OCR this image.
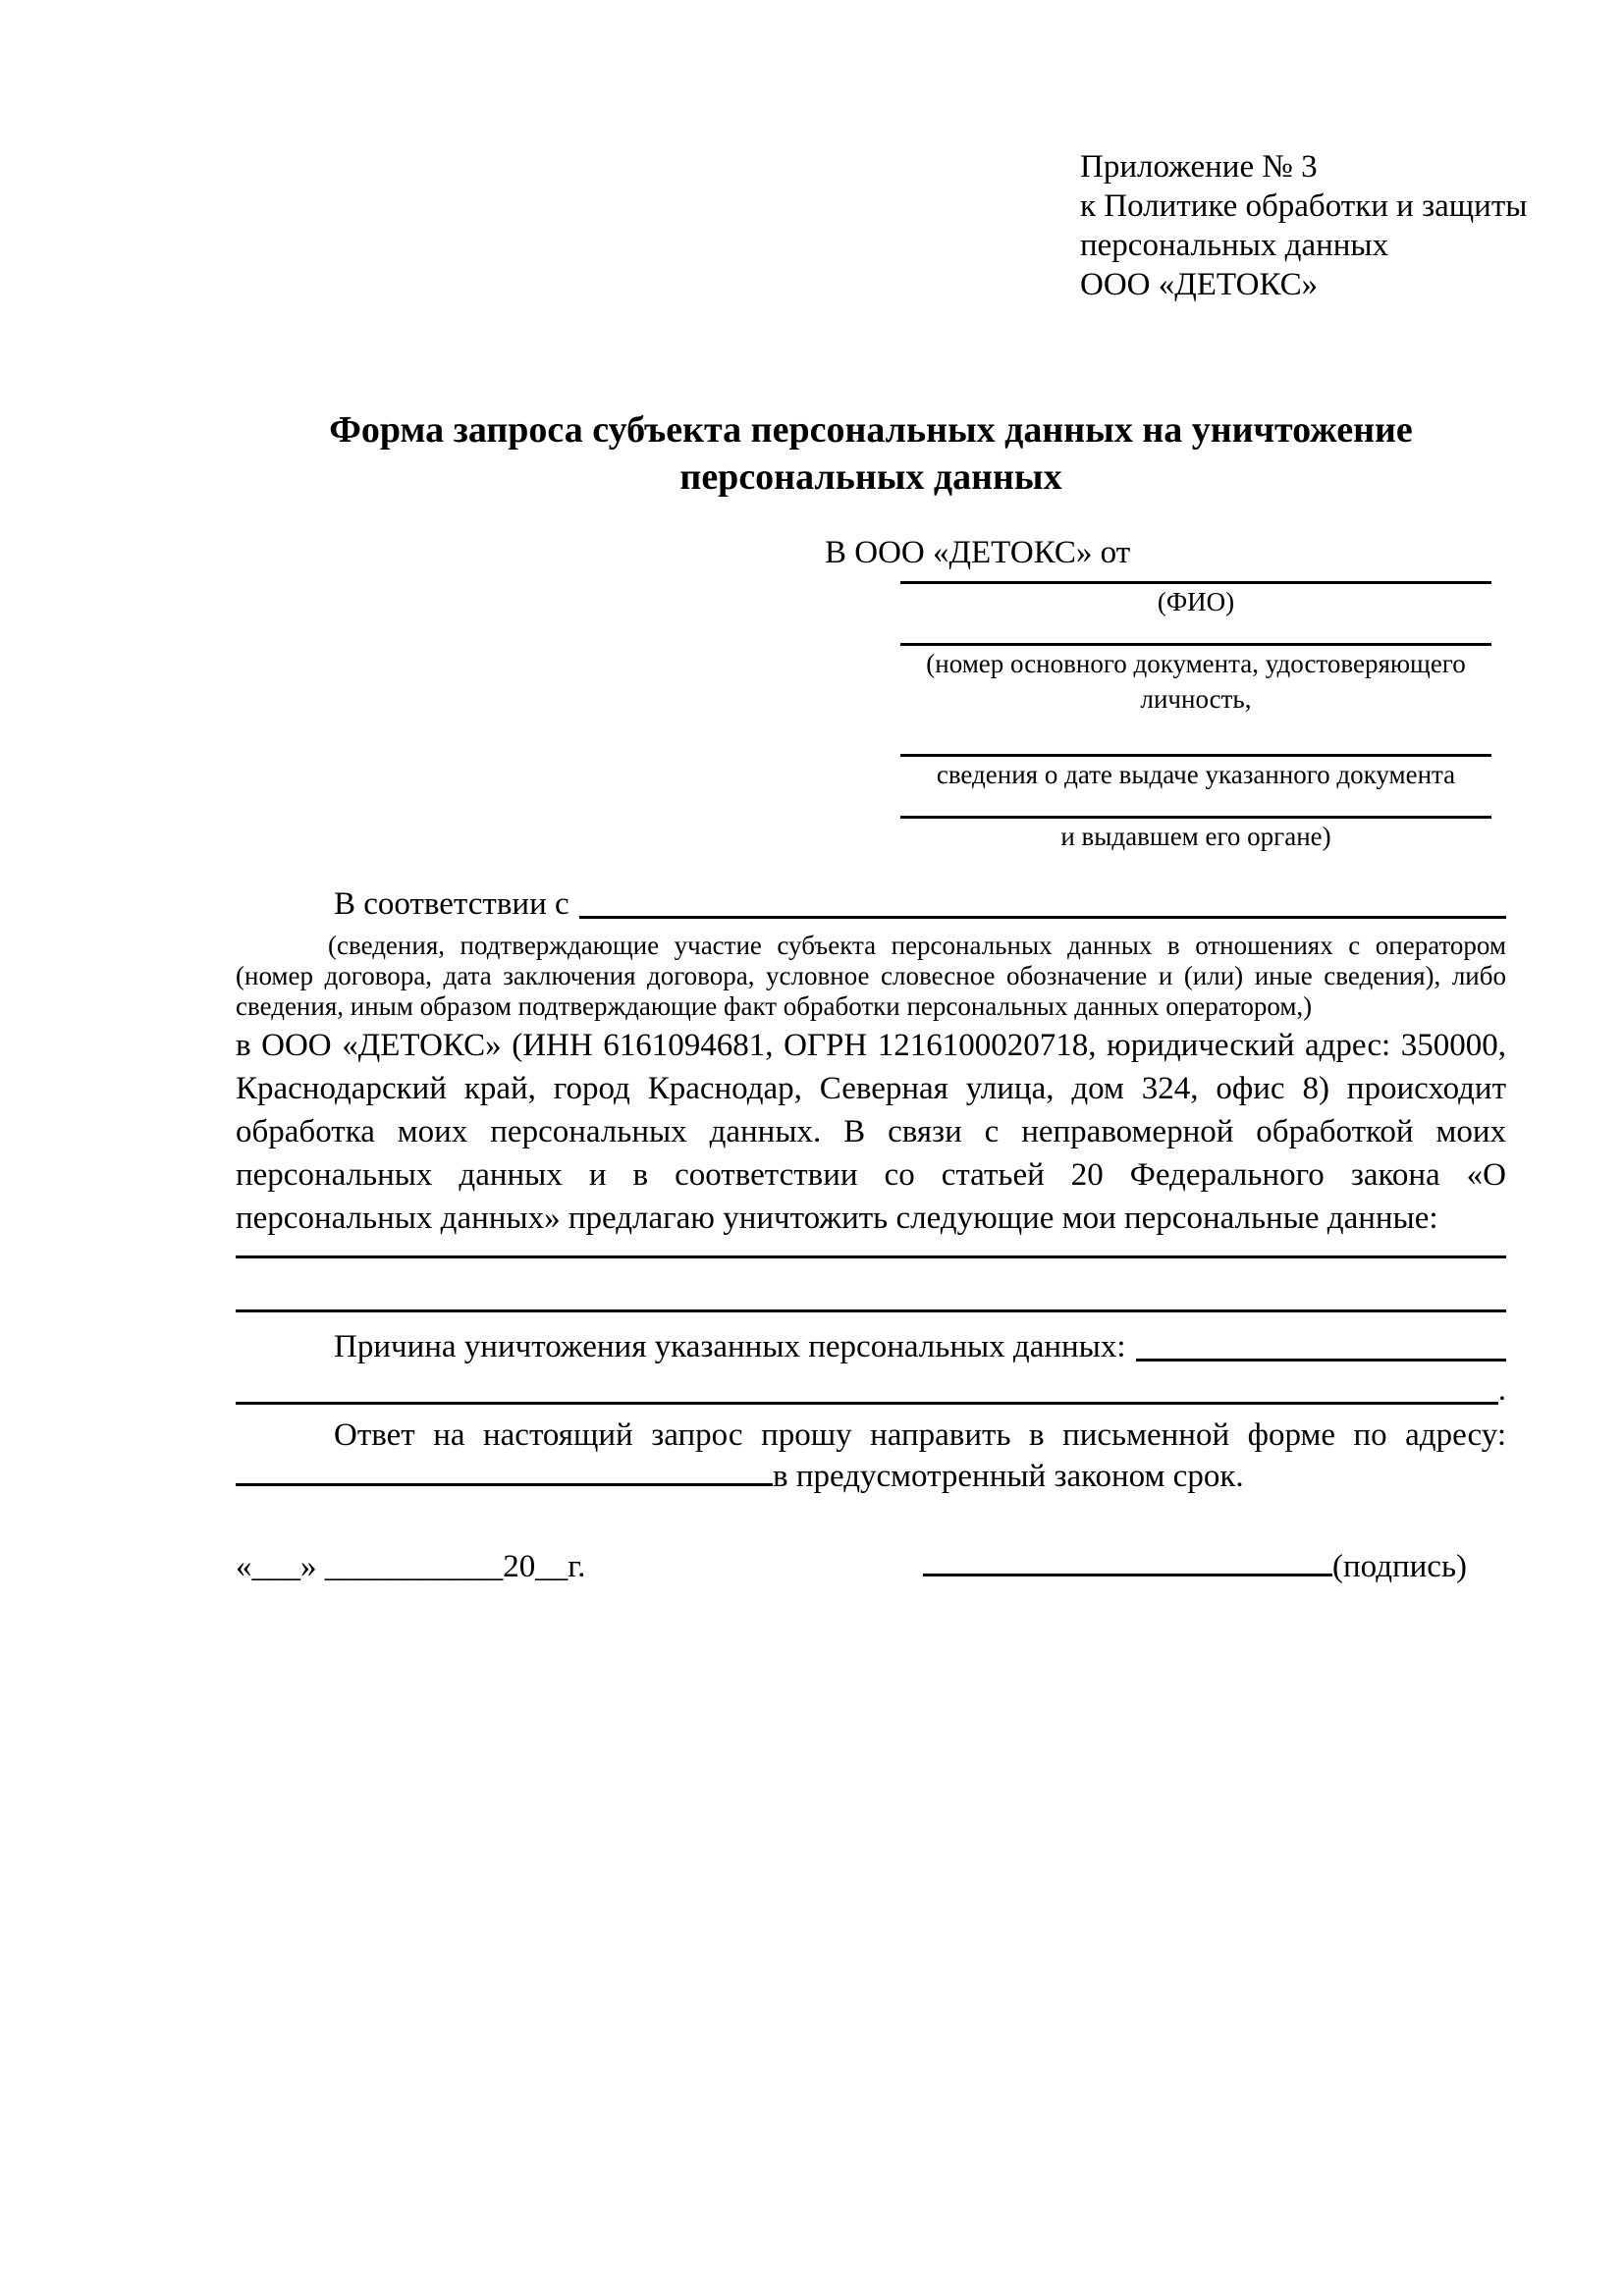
Приложение № 3
к Политике обработки и защиты
персональных данных
ООО «ДЕТОКС»
Форма запроса субъекта персональных данных на уничтожение персональных данных
В ООО «ДЕТОКС» от
(ФИО)
(номер основного документа, удостоверяющего личность,
сведения о дате выдаче указанного документа
и выдавшем его органе)
В соответствии с

(сведения, подтверждающие участие субъекта персональных данных в отношениях с оператором (номер договора, дата заключения договора, условное словесное обозначение и (или) иные сведения), либо сведения, иным образом подтверждающие факт обработки персональных данных оператором,)

в ООО «ДЕТОКС» (ИНН 6161094681, ОГРН 1216100020718, юридический адрес: 350000, Краснодарский край, город Краснодар, Северная улица, дом 324, офис 8) происходит обработка моих персональных данных. В связи с неправомерной обработкой моих персональных данных и в соответствии со статьей 20 Федерального закона «О персональных данных» предлагаю уничтожить следующие мои персональные данные:

Причина уничтожения указанных персональных данных:
.
Ответ на настоящий запрос прошу направить в письменной форме по адресу:
в предусмотренный законом срок.
«___» ___________20__г.	(подпись)
